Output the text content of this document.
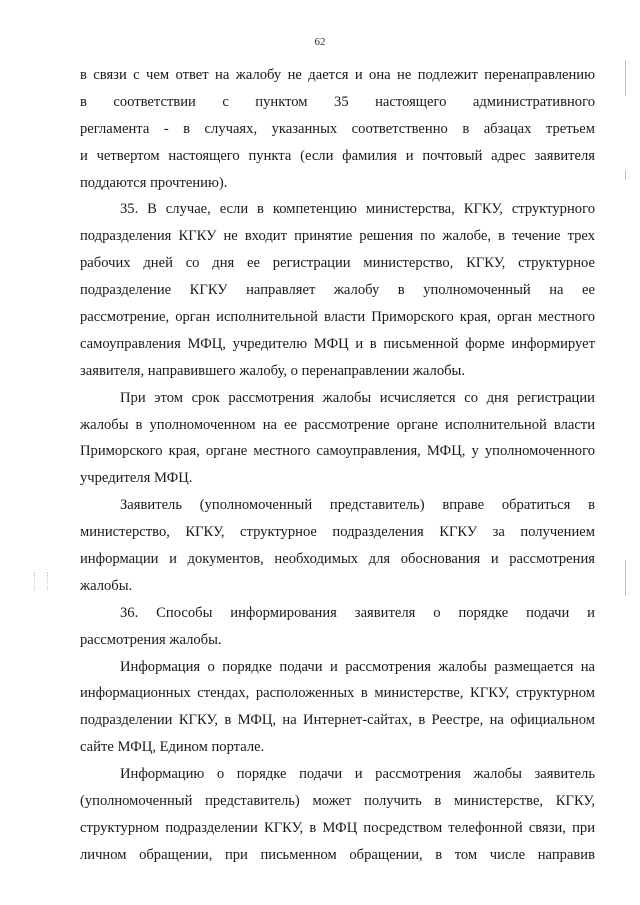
62
в связи с чем ответ на жалобу не дается и она не подлежит перенаправлению
в соответствии с пунктом 35 настоящего административного
регламента - в случаях, указанных соответственно в абзацах третьем
и четвертом настоящего пункта (если фамилия и почтовый адрес заявителя
поддаются прочтению).
35. В случае, если в компетенцию министерства, КГКУ, структурного
подразделения КГКУ не входит принятие решения по жалобе, в течение трех
рабочих дней со дня ее регистрации министерство, КГКУ, структурное
подразделение КГКУ направляет жалобу в уполномоченный на ее
рассмотрение, орган исполнительной власти Приморского края, орган местного
самоуправления МФЦ, учредителю МФЦ и в письменной форме информирует
заявителя, направившего жалобу, о перенаправлении жалобы.
При этом срок рассмотрения жалобы исчисляется со дня регистрации
жалобы в уполномоченном на ее рассмотрение органе исполнительной власти
Приморского края, органе местного самоуправления, МФЦ, у уполномоченного
учредителя МФЦ.
Заявитель (уполномоченный представитель) вправе обратиться в
министерство, КГКУ, структурное подразделения КГКУ за получением
информации и документов, необходимых для обоснования и рассмотрения
жалобы.
36. Способы информирования заявителя о порядке подачи и
рассмотрения жалобы.
Информация о порядке подачи и рассмотрения жалобы размещается на
информационных стендах, расположенных в министерстве, КГКУ, структурном
подразделении КГКУ, в МФЦ, на Интернет-сайтах, в Реестре, на официальном
сайте МФЦ, Едином портале.
Информацию о порядке подачи и рассмотрения жалобы заявитель
(уполномоченный представитель) может получить в министерстве, КГКУ,
структурном подразделении КГКУ, в МФЦ посредством телефонной связи, при
личном обращении, при письменном обращении, в том числе направив
